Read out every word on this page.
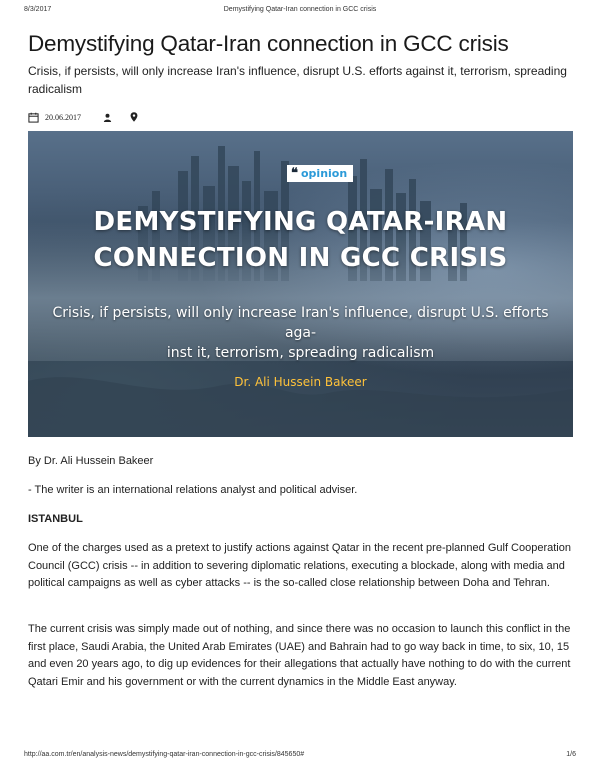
8/3/2017	Demystifying Qatar-Iran connection in GCC crisis
Demystifying Qatar-Iran connection in GCC crisis

Crisis, if persists, will only increase Iran's influence, disrupt U.S. efforts against it, terrorism, spreading radicalism

20.06.2017
❝ opinion
DEMYSTIFYING QATAR-IRAN
CONNECTION IN GCC CRISIS
Crisis, if persists, will only increase Iran's influence, disrupt U.S. efforts aga-
inst it, terrorism, spreading radicalism
Dr. Ali Hussein Bakeer

By Dr. Ali Hussein Bakeer

- The writer is an international relations analyst and political adviser.

ISTANBUL

One of the charges used as a pretext to justify actions against Qatar in the recent pre-planned Gulf Cooperation Council (GCC) crisis -- in addition to severing diplomatic relations, executing a blockade, along with media and political campaigns as well as cyber attacks -- is the so-called close relationship between Doha and Tehran.

The current crisis was simply made out of nothing, and since there was no occasion to launch this conflict in the first place, Saudi Arabia, the United Arab Emirates (UAE) and Bahrain had to go way back in time, to six, 10, 15 and even 20 years ago, to dig up evidences for their allegations that actually have nothing to do with the current Qatari Emir and his government or with the current dynamics in the Middle East anyway.

http://aa.com.tr/en/analysis-news/demystifying-qatar-iran-connection-in-gcc-crisis/845650#	1/6
